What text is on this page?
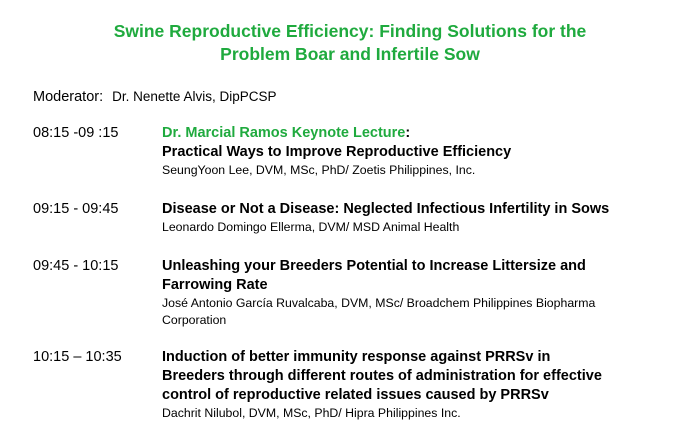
Swine Reproductive Efficiency: Finding Solutions for the
Problem Boar and Infertile Sow
Moderator: Dr. Nenette Alvis, DipPCSP
08:15 -09 :15	Dr. Marcial Ramos Keynote Lecture:
Practical Ways to Improve Reproductive Efficiency
SeungYoon Lee, DVM, MSc, PhD/ Zoetis Philippines, Inc.
09:15 - 09:45	Disease or Not a Disease: Neglected Infectious Infertility in Sows
Leonardo Domingo Ellerma, DVM/ MSD Animal Health
09:45 - 10:15	Unleashing your Breeders Potential to Increase Littersize and
Farrowing Rate
José Antonio García Ruvalcaba, DVM, MSc/ Broadchem Philippines Biopharma
Corporation
10:15 – 10:35	Induction of better immunity response against PRRSv in
Breeders through different routes of administration for effective
control of reproductive related issues caused by PRRSv
Dachrit Nilubol, DVM, MSc, PhD/ Hipra Philippines Inc.
